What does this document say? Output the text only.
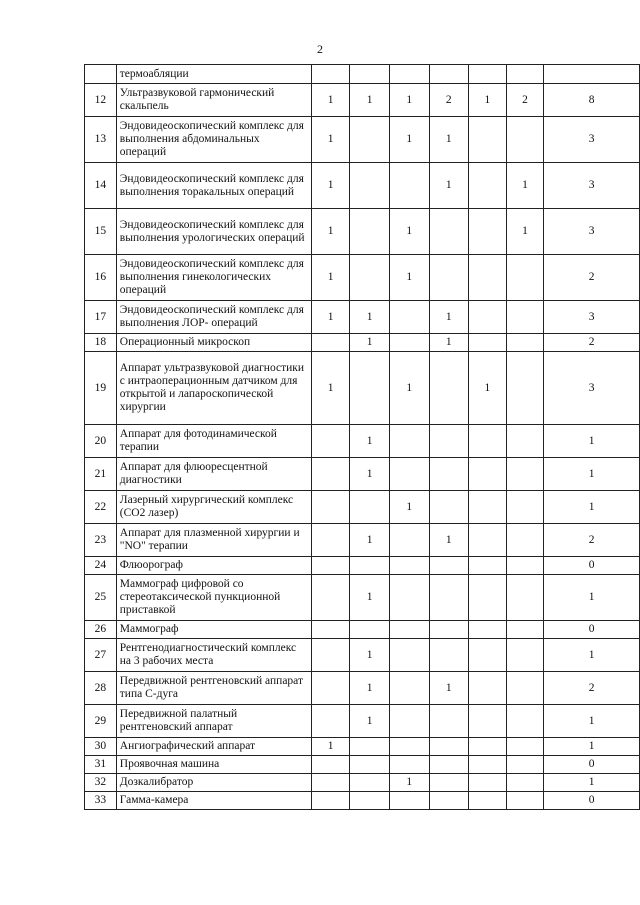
2
	термоабляции							
12	Ультразвуковой гармонический скальпель	1	1	1	2	1	2	8
13	Эндовидеоскопический комплекс для выполнения абдоминальных операций	1		1	1			3
14	Эндовидеоскопический комплекс для выполнения торакальных операций	1			1		1	3
15	Эндовидеоскопический комплекс для выполнения урологических операций	1		1			1	3
16	Эндовидеоскопический комплекс для выполнения гинекологических операций	1		1				2
17	Эндовидеоскопический комплекс для выполнения ЛОР- операций	1	1		1			3
18	Операционный микроскоп		1		1			2
19	Аппарат ультразвуковой диагностики с интраоперационным датчиком для открытой и лапароскопической хирургии	1		1		1		3
20	Аппарат для фотодинамической терапии		1					1
21	Аппарат для флюоресцентной диагностики		1					1
22	Лазерный хирургический комплекс (СО2 лазер)			1				1
23	Аппарат для плазменной хирургии и "NO" терапии		1		1			2
24	Флюорограф							0
25	Маммограф цифровой со стереотаксической пункционной приставкой		1					1
26	Маммограф							0
27	Рентгенодиагностический комплекс на 3 рабочих места		1					1
28	Передвижной рентгеновский аппарат типа С-дуга		1		1			2
29	Передвижной палатный рентгеновский аппарат		1					1
30	Ангиографический аппарат	1						1
31	Проявочная машина							0
32	Дозкалибратор			1				1
33	Гамма-камера							0
